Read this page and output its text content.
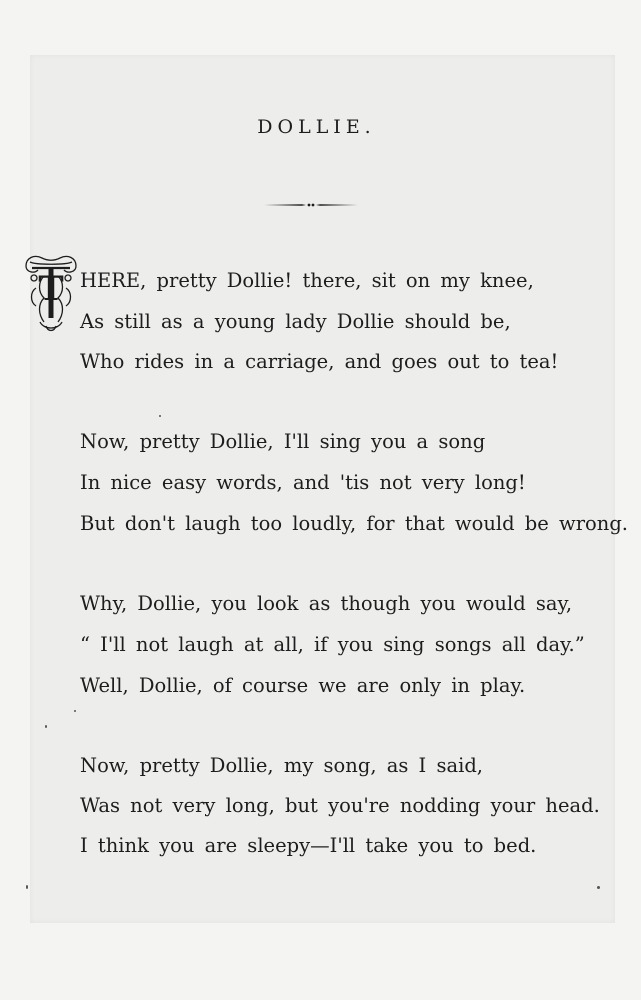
DOLLIE.
T HERE, pretty Dollie! there, sit on my knee,
As still as a young lady Dollie should be,
Who rides in a carriage, and goes out to tea!
Now, pretty Dollie, I'll sing you a song
In nice easy words, and 'tis not very long!
But don't laugh too loudly, for that would be wrong.
Why, Dollie, you look as though you would say,
“ I'll not laugh at all, if you sing songs all day.”
Well, Dollie, of course we are only in play.
Now, pretty Dollie, my song, as I said,
Was not very long, but you're nodding your head.
I think you are sleepy—I'll take you to bed.
